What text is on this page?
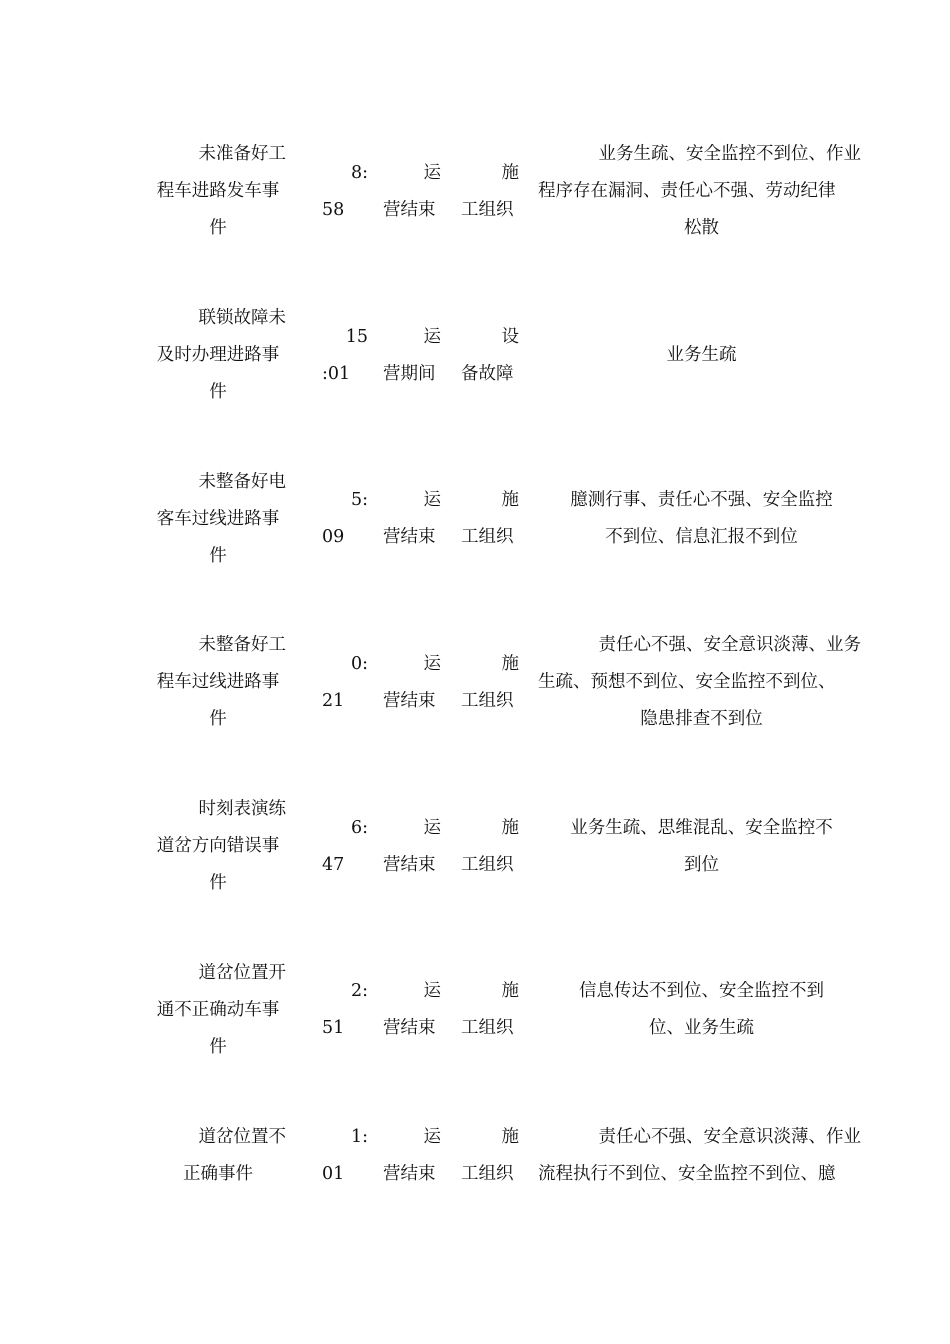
未准备好工
程车进路发车事
件
8:
58
运
营结束
施
工组织
业务生疏、安全监控不到位、作业
程序存在漏洞、责任心不强、劳动纪律
松散
联锁故障未
及时办理进路事
件
15
:01
运
营期间
设
备故障
业务生疏
未整备好电
客车过线进路事
件
5:
09
运
营结束
施
工组织
臆测行事、责任心不强、安全监控
不到位、信息汇报不到位
未整备好工
程车过线进路事
件
0:
21
运
营结束
施
工组织
责任心不强、安全意识淡薄、业务
生疏、预想不到位、安全监控不到位、
隐患排查不到位
时刻表演练
道岔方向错误事
件
6:
47
运
营结束
施
工组织
业务生疏、思维混乱、安全监控不
到位
道岔位置开
通不正确动车事
件
2:
51
运
营结束
施
工组织
信息传达不到位、安全监控不到
位、业务生疏
道岔位置不
正确事件
1:
01
运
营结束
施
工组织
责任心不强、安全意识淡薄、作业
流程执行不到位、安全监控不到位、臆
